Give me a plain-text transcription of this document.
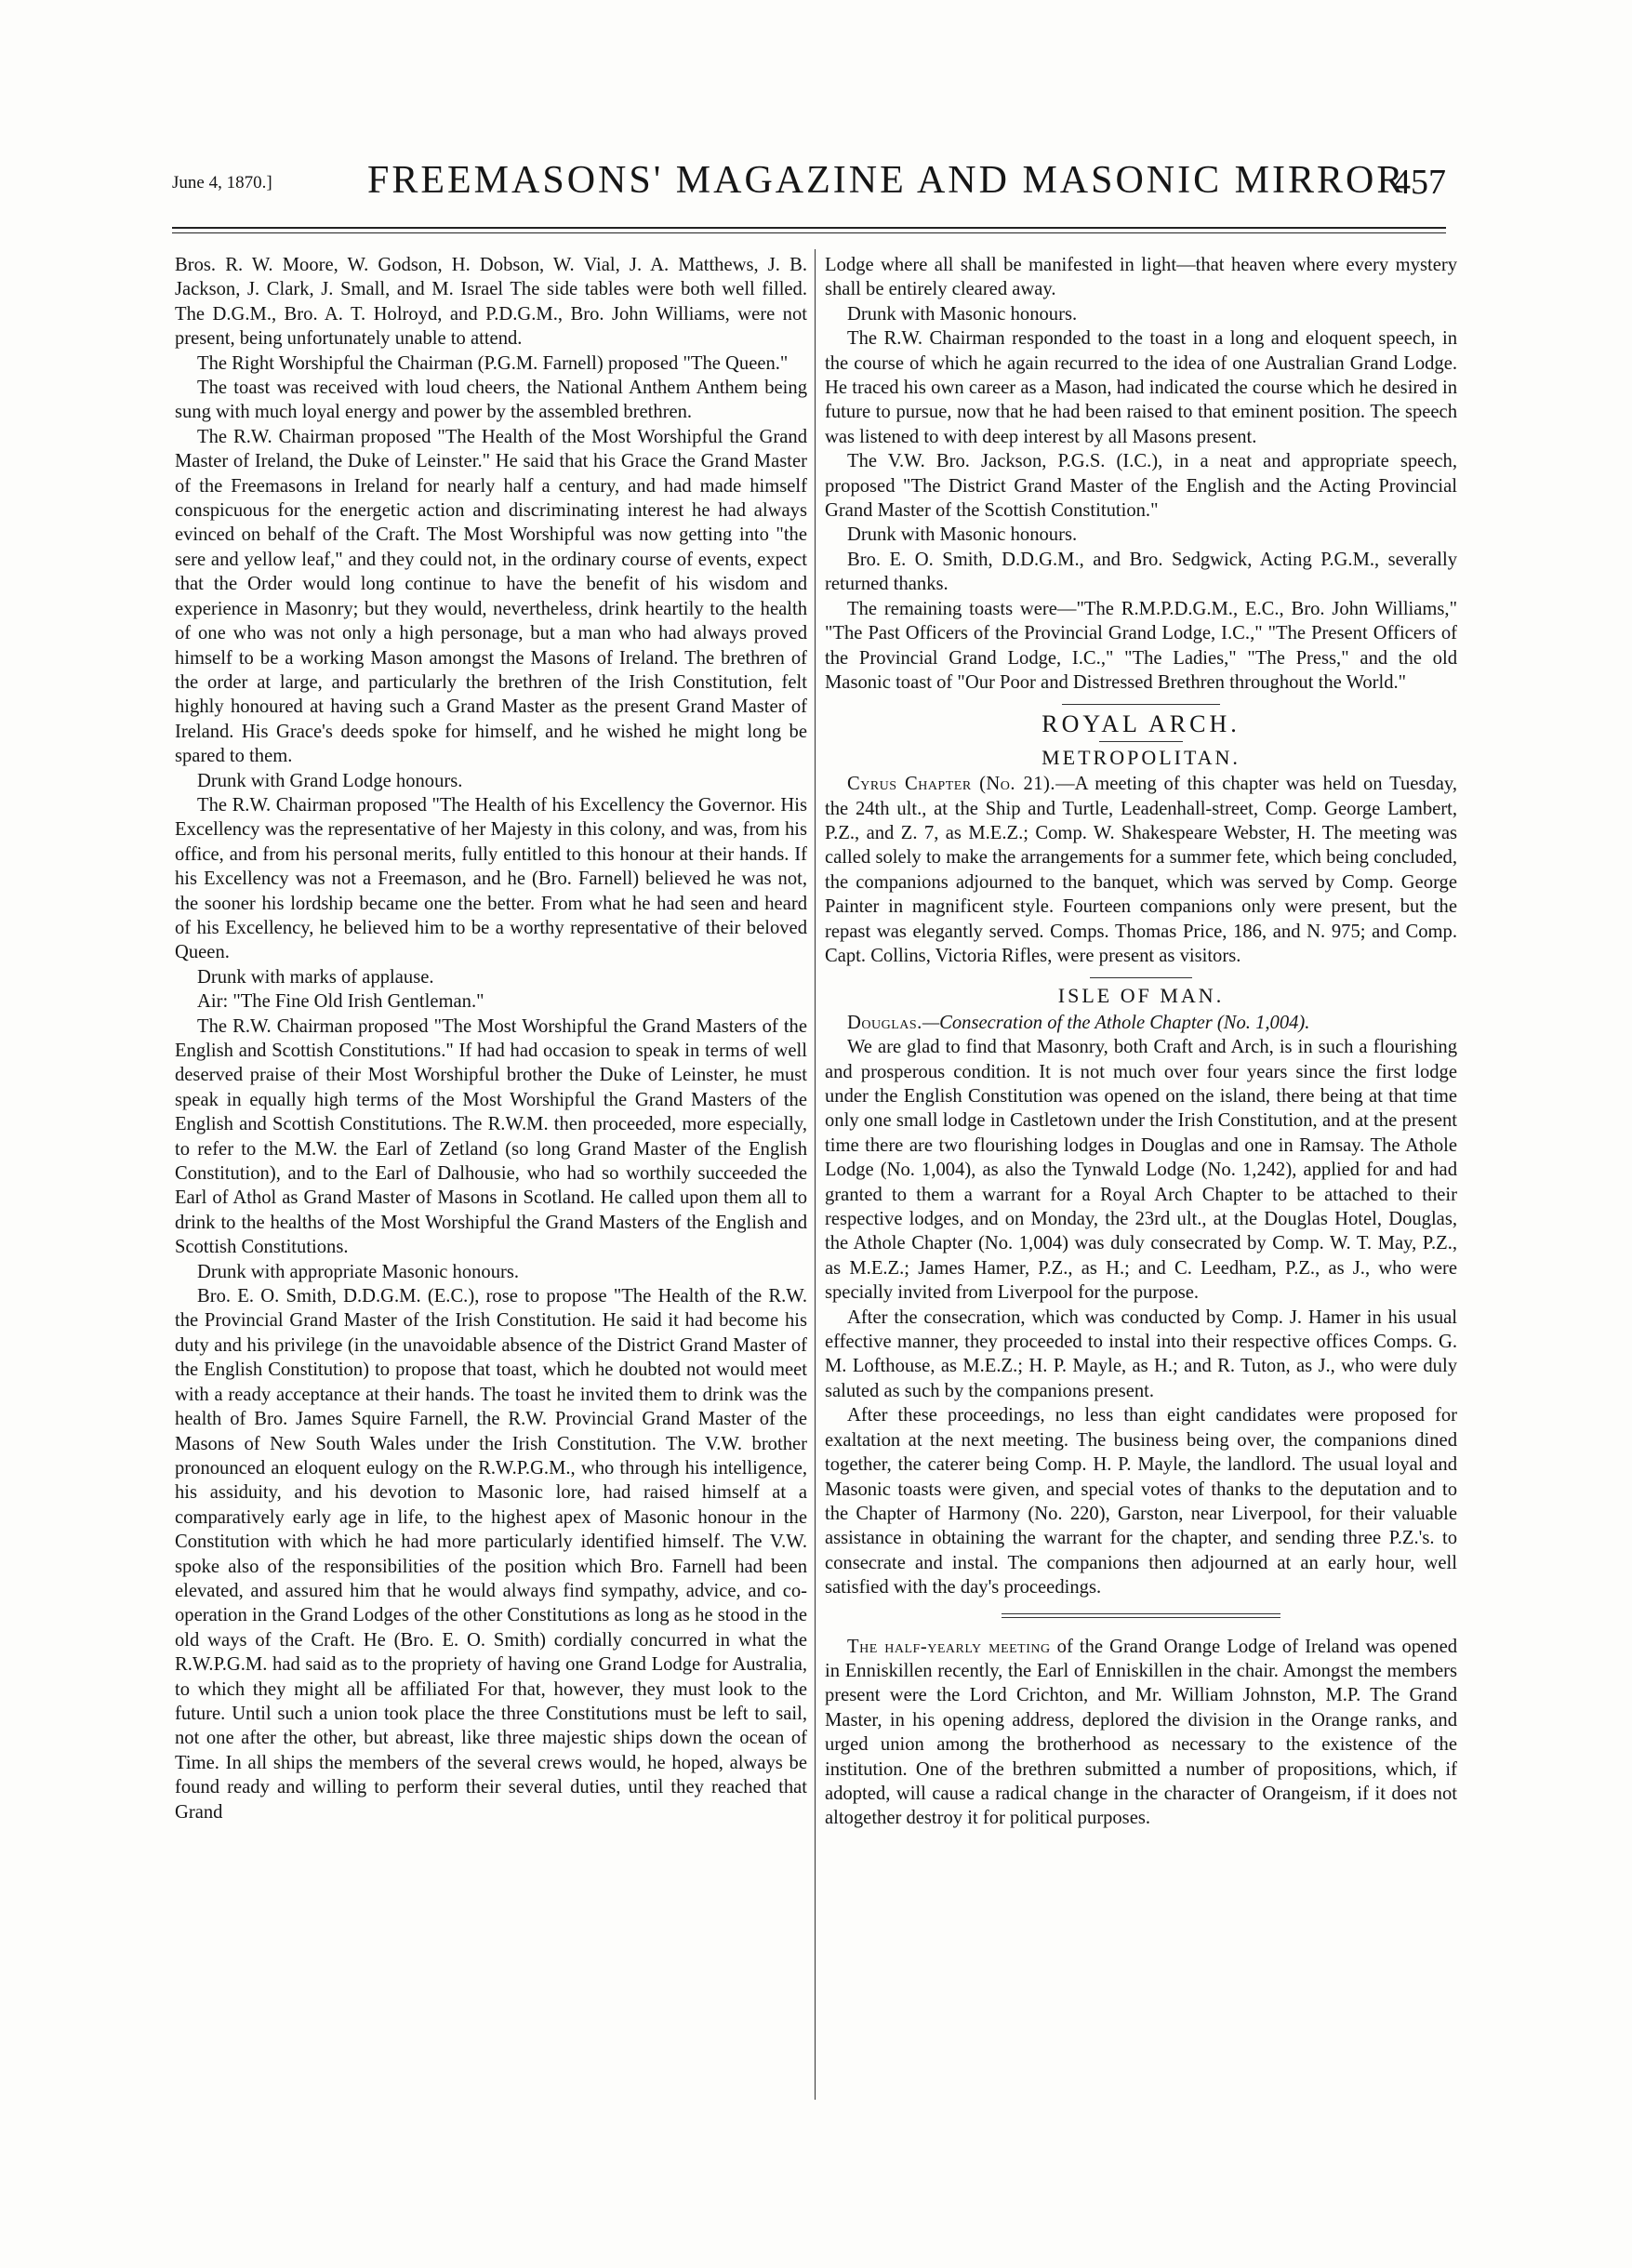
June 4, 1870.] FREEMASONS' MAGAZINE AND MASONIC MIRROR
457

Bros. R. W. Moore, W. Godson, H. Dobson, W. Vial, J. A. Matthews, J. B. Jackson, J. Clark, J. Small, and M. Israel The side tables were both well filled. The D.G.M., Bro. A. T. Holroyd, and P.D.G.M., Bro. John Williams, were not present, being unfortunately unable to attend.

The Right Worshipful the Chairman (P.G.M. Farnell) proposed "The Queen."

The toast was received with loud cheers, the National Anthem Anthem being sung with much loyal energy and power by the assembled brethren.

The R.W. Chairman proposed "The Health of the Most Worshipful the Grand Master of Ireland, the Duke of Leinster." He said that his Grace the Grand Master of the Freemasons in Ireland for nearly half a century, and had made himself conspicuous for the energetic action and discriminating interest he had always evinced on behalf of the Craft. The Most Worshipful was now getting into "the sere and yellow leaf," and they could not, in the ordinary course of events, expect that the Order would long continue to have the benefit of his wisdom and experience in Masonry; but they would, nevertheless, drink heartily to the health of one who was not only a high personage, but a man who had always proved himself to be a working Mason amongst the Masons of Ireland. The brethren of the order at large, and particularly the brethren of the Irish Constitution, felt highly honoured at having such a Grand Master as the present Grand Master of Ireland. His Grace's deeds spoke for himself, and he wished he might long be spared to them.

Drunk with Grand Lodge honours.

The R.W. Chairman proposed "The Health of his Excellency the Governor. His Excellency was the representative of her Majesty in this colony, and was, from his office, and from his personal merits, fully entitled to this honour at their hands. If his Excellency was not a Freemason, and he (Bro. Farnell) believed he was not, the sooner his lordship became one the better. From what he had seen and heard of his Excellency, he believed him to be a worthy representative of their beloved Queen.

Drunk with marks of applause.

Air: "The Fine Old Irish Gentleman."

The R.W. Chairman proposed "The Most Worshipful the Grand Masters of the English and Scottish Constitutions." If had had occasion to speak in terms of well deserved praise of their Most Worshipful brother the Duke of Leinster, he must speak in equally high terms of the Most Worshipful the Grand Masters of the English and Scottish Constitutions. The R.W.M. then proceeded, more especially, to refer to the M.W. the Earl of Zetland (so long Grand Master of the English Constitution), and to the Earl of Dalhousie, who had so worthily succeeded the Earl of Athol as Grand Master of Masons in Scotland. He called upon them all to drink to the healths of the Most Worshipful the Grand Masters of the English and Scottish Constitutions.

Drunk with appropriate Masonic honours.

Bro. E. O. Smith, D.D.G.M. (E.C.), rose to propose "The Health of the R.W. the Provincial Grand Master of the Irish Constitution. He said it had become his duty and his privilege (in the unavoidable absence of the District Grand Master of the English Constitution) to propose that toast, which he doubted not would meet with a ready acceptance at their hands. The toast he invited them to drink was the health of Bro. James Squire Farnell, the R.W. Provincial Grand Master of the Masons of New South Wales under the Irish Constitution. The V.W. brother pronounced an eloquent eulogy on the R.W.P.G.M., who through his intelligence, his assiduity, and his devotion to Masonic lore, had raised himself at a comparatively early age in life, to the highest apex of Masonic honour in the Constitution with which he had more particularly identified himself. The V.W. spoke also of the responsibilities of the position which Bro. Farnell had been elevated, and assured him that he would always find sympathy, advice, and co-operation in the Grand Lodges of the other Constitutions as long as he stood in the old ways of the Craft. He (Bro. E. O. Smith) cordially concurred in what the R.W.P.G.M. had said as to the propriety of having one Grand Lodge for Australia, to which they might all be affiliated For that, however, they must look to the future. Until such a union took place the three Constitutions must be left to sail, not one after the other, but abreast, like three majestic ships down the ocean of Time. In all ships the members of the several crews would, he hoped, always be found ready and willing to perform their several duties, until they reached that Grand

Lodge where all shall be manifested in light—that heaven where every mystery shall be entirely cleared away.

Drunk with Masonic honours.

The R.W. Chairman responded to the toast in a long and eloquent speech, in the course of which he again recurred to the idea of one Australian Grand Lodge. He traced his own career as a Mason, had indicated the course which he desired in future to pursue, now that he had been raised to that eminent position. The speech was listened to with deep interest by all Masons present.

The V.W. Bro. Jackson, P.G.S. (I.C.), in a neat and appropriate speech, proposed "The District Grand Master of the English and the Acting Provincial Grand Master of the Scottish Constitution."

Drunk with Masonic honours.

Bro. E. O. Smith, D.D.G.M., and Bro. Sedgwick, Acting P.G.M., severally returned thanks.

The remaining toasts were—"The R.M.P.D.G.M., E.C., Bro. John Williams," "The Past Officers of the Provincial Grand Lodge, I.C.," "The Present Officers of the Provincial Grand Lodge, I.C.," "The Ladies," "The Press," and the old Masonic toast of "Our Poor and Distressed Brethren throughout the World."

ROYAL ARCH.
METROPOLITAN.

Cyrus Chapter (No. 21).—A meeting of this chapter was held on Tuesday, the 24th ult., at the Ship and Turtle, Leadenhall-street, Comp. George Lambert, P.Z., and Z. 7, as M.E.Z.; Comp. W. Shakespeare Webster, H. The meeting was called solely to make the arrangements for a summer fete, which being concluded, the companions adjourned to the banquet, which was served by Comp. George Painter in magnificent style. Fourteen companions only were present, but the repast was elegantly served. Comps. Thomas Price, 186, and N. 975; and Comp. Capt. Collins, Victoria Rifles, were present as visitors.

ISLE OF MAN.

Douglas.—Consecration of the Athole Chapter (No. 1,004).

We are glad to find that Masonry, both Craft and Arch, is in such a flourishing and prosperous condition. It is not much over four years since the first lodge under the English Constitution was opened on the island, there being at that time only one small lodge in Castletown under the Irish Constitution, and at the present time there are two flourishing lodges in Douglas and one in Ramsay. The Athole Lodge (No. 1,004), as also the Tynwald Lodge (No. 1,242), applied for and had granted to them a warrant for a Royal Arch Chapter to be attached to their respective lodges, and on Monday, the 23rd ult., at the Douglas Hotel, Douglas, the Athole Chapter (No. 1,004) was duly consecrated by Comp. W. T. May, P.Z., as M.E.Z.; James Hamer, P.Z., as H.; and C. Leedham, P.Z., as J., who were specially invited from Liverpool for the purpose.

After the consecration, which was conducted by Comp. J. Hamer in his usual effective manner, they proceeded to instal into their respective offices Comps. G. M. Lofthouse, as M.E.Z.; H. P. Mayle, as H.; and R. Tuton, as J., who were duly saluted as such by the companions present.

After these proceedings, no less than eight candidates were proposed for exaltation at the next meeting. The business being over, the companions dined together, the caterer being Comp. H. P. Mayle, the landlord. The usual loyal and Masonic toasts were given, and special votes of thanks to the deputation and to the Chapter of Harmony (No. 220), Garston, near Liverpool, for their valuable assistance in obtaining the warrant for the chapter, and sending three P.Z.'s. to consecrate and instal. The companions then adjourned at an early hour, well satisfied with the day's proceedings.

The half-yearly meeting of the Grand Orange Lodge of Ireland was opened in Enniskillen recently, the Earl of Enniskillen in the chair. Amongst the members present were the Lord Crichton, and Mr. William Johnston, M.P. The Grand Master, in his opening address, deplored the division in the Orange ranks, and urged union among the brotherhood as necessary to the existence of the institution. One of the brethren submitted a number of propositions, which, if adopted, will cause a radical change in the character of Orangeism, if it does not altogether destroy it for political purposes.
